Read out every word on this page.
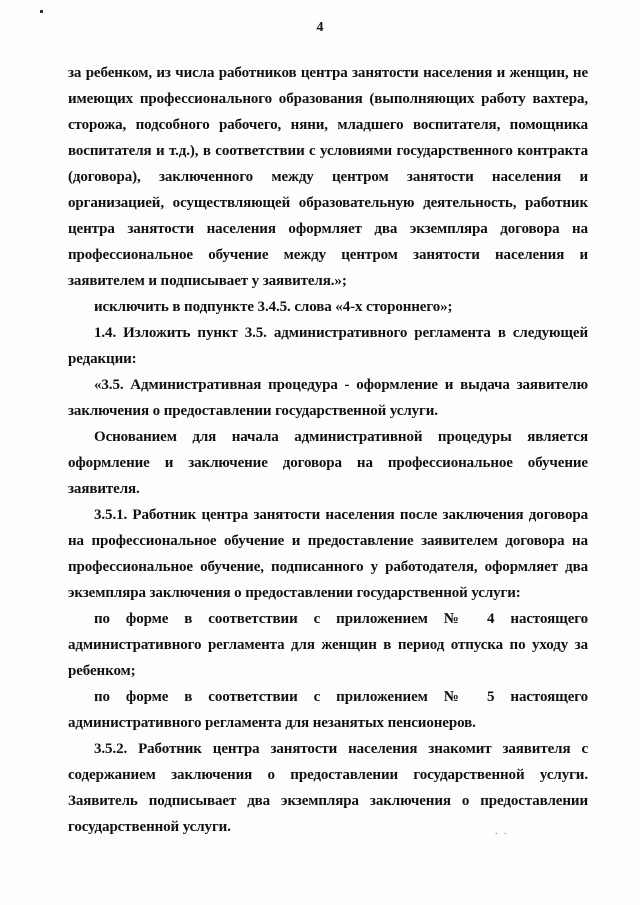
4

за ребенком, из числа работников центра занятости населения и женщин, не имеющих профессионального образования (выполняющих работу вахтера, сторожа, подсобного рабочего, няни, младшего воспитателя, помощника воспитателя и т.д.), в соответствии с условиями государственного контракта (договора), заключенного между центром занятости населения и организацией, осуществляющей образовательную деятельность, работник центра занятости населения оформляет два экземпляра договора на профессиональное обучение между центром занятости населения и заявителем и подписывает у заявителя.»;

исключить в подпункте 3.4.5. слова «4-х стороннего»;

1.4. Изложить пункт 3.5. административного регламента в следующей редакции:

«3.5. Административная процедура - оформление и выдача заявителю заключения о предоставлении государственной услуги.

Основанием для начала административной процедуры является оформление и заключение договора на профессиональное обучение заявителя.

3.5.1. Работник центра занятости населения после заключения договора на профессиональное обучение и предоставление заявителем договора на профессиональное обучение, подписанного у работодателя, оформляет два экземпляра заключения о предоставлении государственной услуги:

по форме в соответствии с приложением № 4 настоящего административного регламента для женщин в период отпуска по уходу за ребенком;

по форме в соответствии с приложением № 5 настоящего административного регламента для незанятых пенсионеров.

3.5.2. Работник центра занятости населения знакомит заявителя с содержанием заключения о предоставлении государственной услуги. Заявитель подписывает два экземпляра заключения о предоставлении государственной услуги.	. .
